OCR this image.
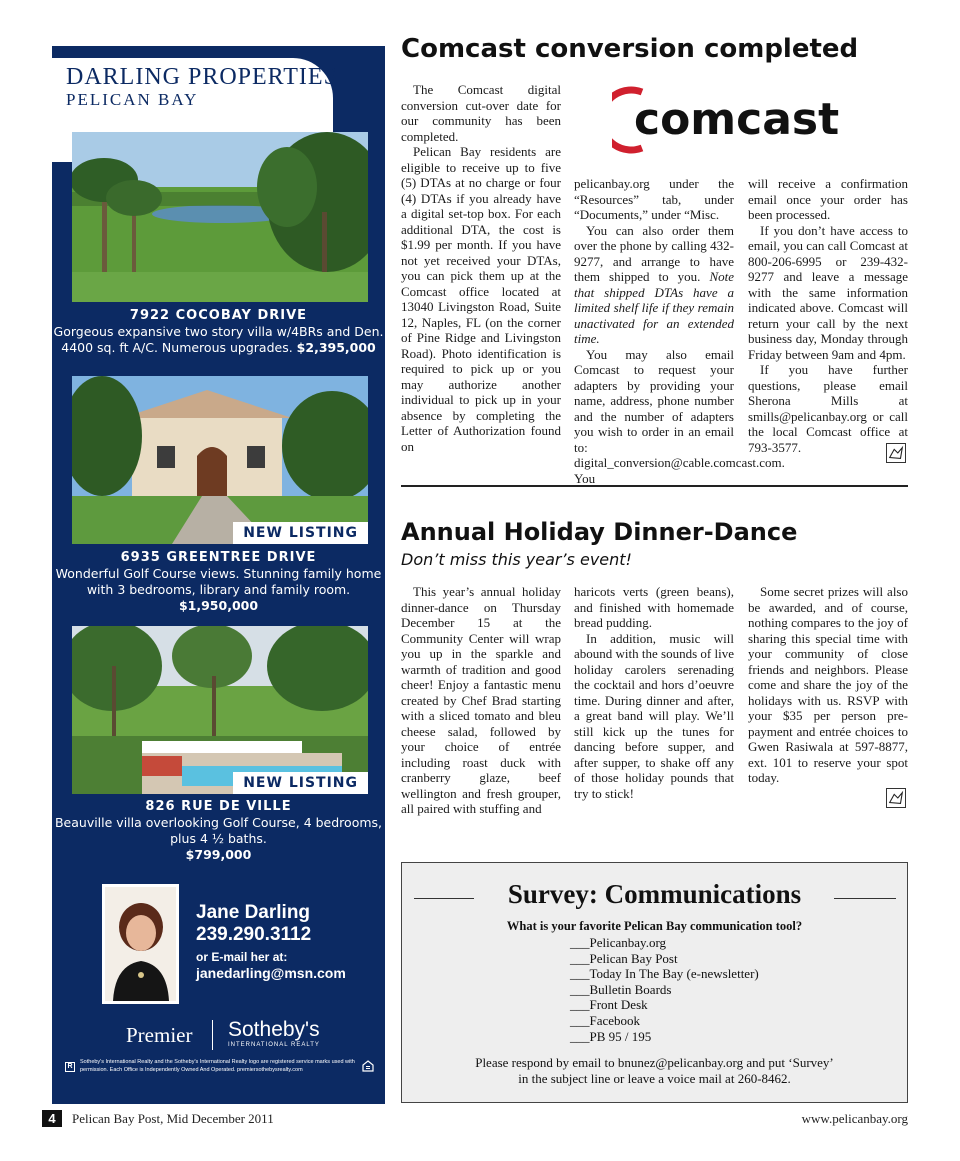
DARLING PROPERTIES
PELICAN BAY
7922 COCOBAY DRIVE
Gorgeous expansive two story villa w/4BRs and Den. 4400 sq. ft A/C. Numerous upgrades. $2,395,000
NEW LISTING
6935 GREENTREE DRIVE
Wonderful Golf Course views. Stunning family home with 3 bedrooms, library and family room.
$1,950,000
NEW LISTING
826 RUE DE VILLE
Beauville villa overlooking Golf Course, 4 bedrooms, plus 4 ½ baths.
$799,000
Jane Darling
239.290.3112
or E-mail her at:
janedarling@msn.com
Premier Sotheby's
INTERNATIONAL REALTY
R
Sotheby's International Realty and the Sotheby's International Realty logo are registered service marks used with permission. Each Office is Independently Owned And Operated. premiersothebysrealty.com
Comcast conversion completed
comcast

The Comcast digital conversion cut-over date for our community has been completed.

Pelican Bay residents are eligible to receive up to five (5) DTAs at no charge or four (4) DTAs if you already have a digital set-top box. For each additional DTA, the cost is $1.99 per month. If you have not yet received your DTAs, you can pick them up at the Comcast office located at 13040 Livingston Road, Suite 12, Naples, FL (on the corner of Pine Ridge and Livingston Road). Photo identification is required to pick up or you may authorize another individual to pick up in your absence by completing the Letter of Authorization found on

pelicanbay.org under the “Resources” tab, under “Documents,” under “Misc.

You can also order them over the phone by calling 432-9277, and arrange to have them shipped to you. Note that shipped DTAs have a limited shelf life if they remain unactivated for an extended time.

You may also email Comcast to request your adapters by providing your name, address, phone number and the number of adapters you wish to order in an email to: digital_conversion@cable.comcast.com. You

will receive a confirmation email once your order has been processed.

If you don’t have access to email, you can call Comcast at 800-206-6995 or 239-432-9277 and leave a message with the same information indicated above. Comcast will return your call by the next business day, Monday through Friday between 9am and 4pm.

If you have further questions, please email Sherona Mills at smills@pelicanbay.org or call the local Comcast office at 793-3577.

Annual Holiday Dinner-Dance
Don’t miss this year’s event!

This year’s annual holiday dinner-dance on Thursday December 15 at the Community Center will wrap you up in the sparkle and warmth of tradition and good cheer! Enjoy a fantastic menu created by Chef Brad starting with a sliced tomato and bleu cheese salad, followed by your choice of entrée including roast duck with cranberry glaze, beef wellington and fresh grouper, all paired with stuffing and

haricots verts (green beans), and finished with homemade bread pudding.

In addition, music will abound with the sounds of live holiday carolers serenading the cocktail and hors d’oeuvre time. During dinner and after, a great band will play. We’ll still kick up the tunes for dancing before supper, and after supper, to shake off any of those holiday pounds that try to stick!

Some secret prizes will also be awarded, and of course, nothing compares to the joy of sharing this special time with your community of close friends and neighbors. Please come and share the joy of the holidays with us. RSVP with your $35 per person pre-payment and entrée choices to Gwen Rasiwala at 597-8877, ext. 101 to reserve your spot today.

Survey: Communications
What is your favorite Pelican Bay communication tool?
___Pelicanbay.org
___Pelican Bay Post
___Today In The Bay (e-newsletter)
___Bulletin Boards
___Front Desk
___Facebook
___PB 95 / 195
Please respond by email to bnunez@pelicanbay.org and put ‘Survey’
in the subject line or leave a voice mail at 260-8462.
4	Pelican Bay Post, Mid December 2011	www.pelicanbay.org
